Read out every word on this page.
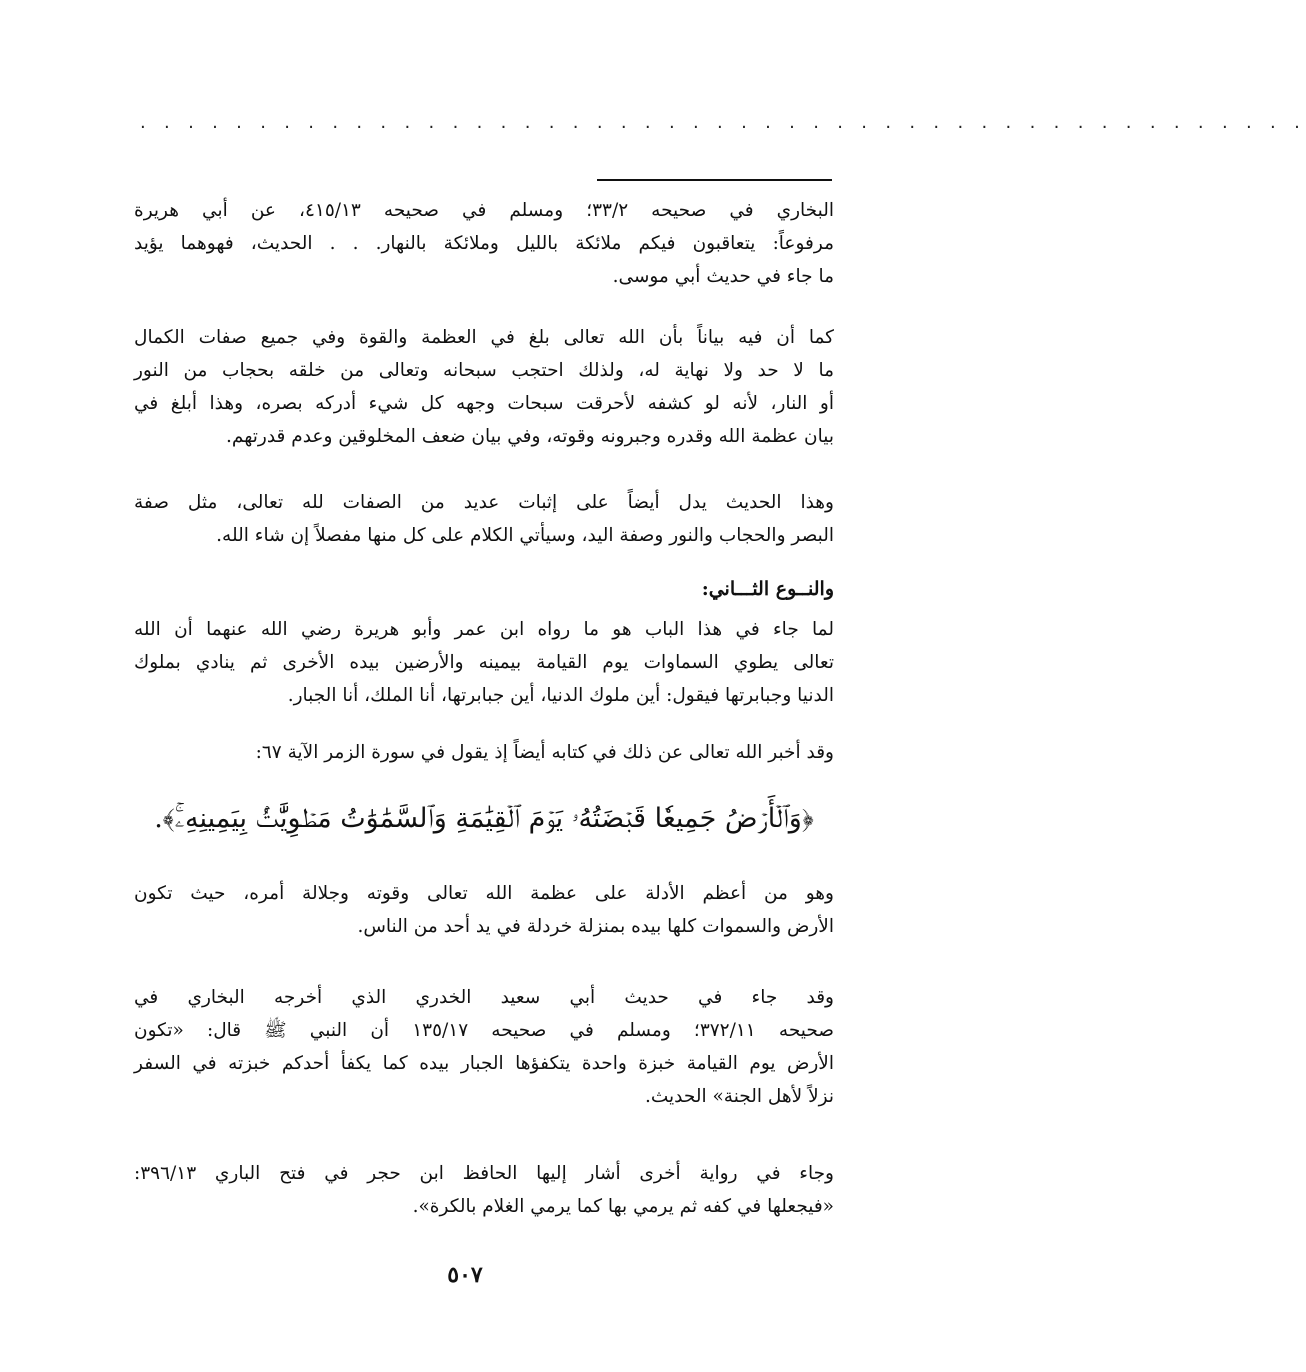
. . . . . . . . . . . . . . . . . . . . . . . . . . . . . . . . . . . . . . . . . . . . . . . . .
البخاري في صحيحه ٣٣/٢؛ ومسلم في صحيحه ٤١٥/١٣، عن أبي هريرة
مرفوعاً: يتعاقبون فيكم ملائكة بالليل وملائكة بالنهار. . . الحديث، فهوهما يؤيد
ما جاء في حديث أبي موسى.
كما أن فيه بياناً بأن الله تعالى بلغ في العظمة والقوة وفي جميع صفات الكمال
ما لا حد ولا نهاية له، ولذلك احتجب سبحانه وتعالى من خلقه بحجاب من النور
أو النار، لأنه لو كشفه لأحرقت سبحات وجهه كل شيء أدركه بصره، وهذا أبلغ في
بيان عظمة الله وقدره وجبرونه وقوته، وفي بيان ضعف المخلوقين وعدم قدرتهم.
وهذا الحديث يدل أيضاً على إثبات عديد من الصفات لله تعالى، مثل صفة
البصر والحجاب والنور وصفة اليد، وسيأتي الكلام على كل منها مفصلاً إن شاء الله.
والنــوع الثـــاني:
لما جاء في هذا الباب هو ما رواه ابن عمر وأبو هريرة رضي الله عنهما أن الله
تعالى يطوي السماوات يوم القيامة بيمينه والأرضين بيده الأخرى ثم ينادي بملوك
الدنيا وجبابرتها فيقول: أين ملوك الدنيا، أين جبابرتها، أنا الملك، أنا الجبار.
وقد أخبر الله تعالى عن ذلك في كتابه أيضاً إذ يقول في سورة الزمر الآية ٦٧:
﴿وَٱلۡأَرۡضُ جَمِيعٗا قَبۡضَتُهُۥ يَوۡمَ ٱلۡقِيَٰمَةِ وَٱلسَّمَٰوَٰتُ مَطۡوِيَّٰتُۢ بِيَمِينِهِۦۚ﴾.
وهو من أعظم الأدلة على عظمة الله تعالى وقوته وجلالة أمره، حيث تكون
الأرض والسموات كلها بيده بمنزلة خردلة في يد أحد من الناس.
وقد جاء في حديث أبي سعيد الخدري الذي أخرجه البخاري في
صحيحه ٣٧٢/١١؛ ومسلم في صحيحه ١٣٥/١٧ أن النبي ﷺ قال: «تكون
الأرض يوم القيامة خبزة واحدة يتكفؤها الجبار بيده كما يكفأ أحدكم خبزته في السفر
نزلاً لأهل الجنة» الحديث.
وجاء في رواية أخرى أشار إليها الحافظ ابن حجر في فتح الباري ٣٩٦/١٣:
«فيجعلها في كفه ثم يرمي بها كما يرمي الغلام بالكرة».
٥٠٧
